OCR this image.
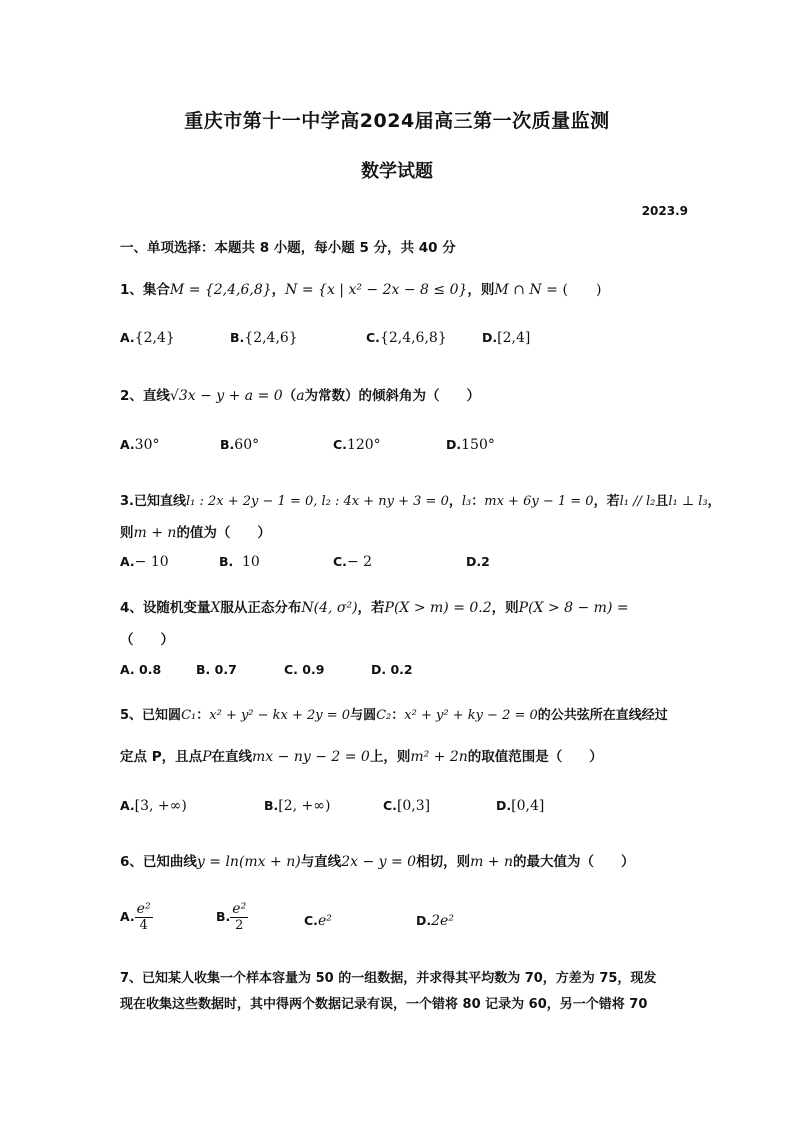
重庆市第十一中学高2024届高三第一次质量监测
数学试题
2023.9
一、单项选择：本题共 8 小题，每小题 5 分，共 40 分
1、集合M = {2,4,6,8}，N = {x | x² − 2x − 8 ≤ 0}，则M ∩ N = (　　)
A.{2,4}	B.{2,4,6}	C.{2,4,6,8}	D.[2,4]
2、直线√3x − y + a = 0（a为常数）的倾斜角为（　　）
A.30°	B.60°	C.120°	D.150°
3.已知直线l₁ : 2x + 2y − 1 = 0, l₂ : 4x + ny + 3 = 0，l₃：mx + 6y − 1 = 0，若l₁ // l₂且l₁ ⊥ l₃，
则m + n的值为（　　）
A.− 10	B. 10	C.− 2	D.2
4、设随机变量X服从正态分布N(4, σ²)，若P(X > m) = 0.2，则P(X > 8 − m) =
（　　）
A. 0.8	B. 0.7	C. 0.9	D. 0.2
5、已知圆C₁：x² + y² − kx + 2y = 0与圆C₂：x² + y² + ky − 2 = 0的公共弦所在直线经过
定点 P，且点P在直线mx − ny − 2 = 0上，则m² + 2n的取值范围是（　　）
A.[3, +∞)	B.[2, +∞)	C.[0,3]	D.[0,4]
6、已知曲线y = ln(mx + n)与直线2x − y = 0相切，则m + n的最大值为（　　）
A. $\frac{\text{e²}}{4}$	B. $\frac{\text{e²}}{2}$	C.e²	D.2e²
7、已知某人收集一个样本容量为 50 的一组数据，并求得其平均数为 70，方差为 75，现发
现在收集这些数据时，其中得两个数据记录有误，一个错将 80 记录为 60，另一个错将 70
